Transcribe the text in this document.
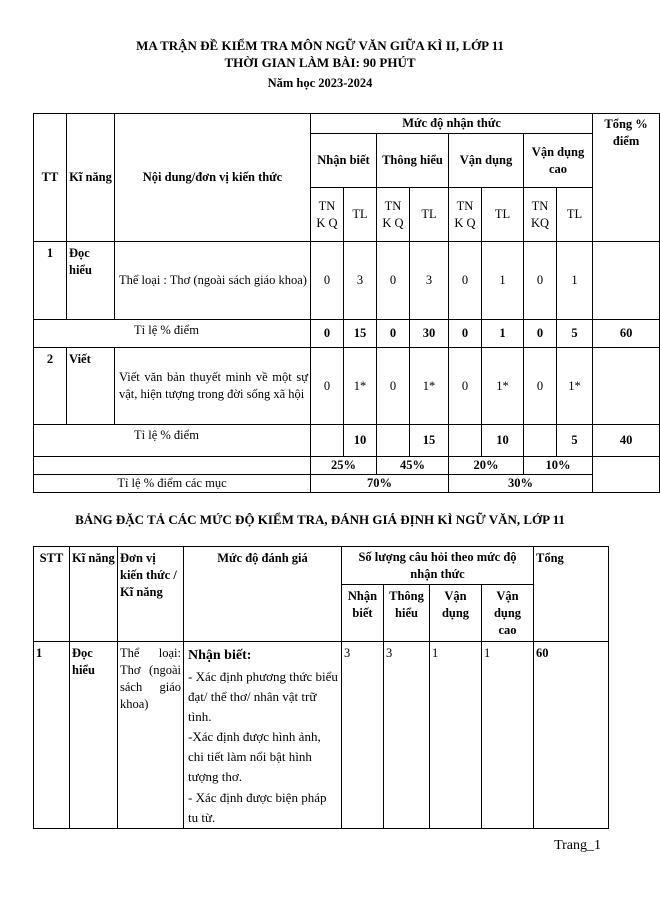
MA TRẬN ĐỀ KIỂM TRA MÔN NGỮ VĂN GIỮA KÌ II, LỚP 11
THỜI GIAN LÀM BÀI: 90 PHÚT
Năm học 2023-2024
TT	Kĩ năng	Nội dung/đơn vị kiến thức	Mức độ nhận thức								Tổng % điểm
			Nhận biết		Thông hiểu		Vận dụng		Vận dụng cao		
			TN K Q	TL	TN K Q	TL	TN K Q	TL	TN KQ	TL	
1	Đọc hiểu	Thể loại : Thơ (ngoài sách giáo khoa)	0	3	0	3	0	1	0	1	
Tỉ lệ % điểm			0	15	0	30	0	1	0	5	60
2	Viết	Viết văn bản thuyết minh về một sự vật, hiện tượng trong đời sống xã hội	0	1*	0	1*	0	1*	0	1*	
Tỉ lệ % điểm				10		15		10		5	40
			25%		45%		20%		10%		
Tỉ lệ % điểm các mục			70%				30%				
BẢNG ĐẶC TẢ CÁC MỨC ĐỘ KIỂM TRA, ĐÁNH GIÁ ĐỊNH KÌ NGỮ VĂN, LỚP 11
STT	Kĩ năng	Đơn vị kiến thức / Kĩ năng	Mức độ đánh giá	Số lượng câu hỏi theo mức độ nhận thức				Tổng
				Nhận biết	Thông hiểu	Vận dụng	Vận dụng cao	
1	Đọc hiểu	Thể loại: Thơ (ngoài sách giáo khoa)	Nhận biết:
- Xác định phương thức biểu đạt/ thể thơ/ nhân vật trữ tình.
-Xác định được hình ảnh, chi tiết làm nổi bật hình tượng thơ.
- Xác định được biện pháp tu từ.	3	3	1	1	60
Trang_1
